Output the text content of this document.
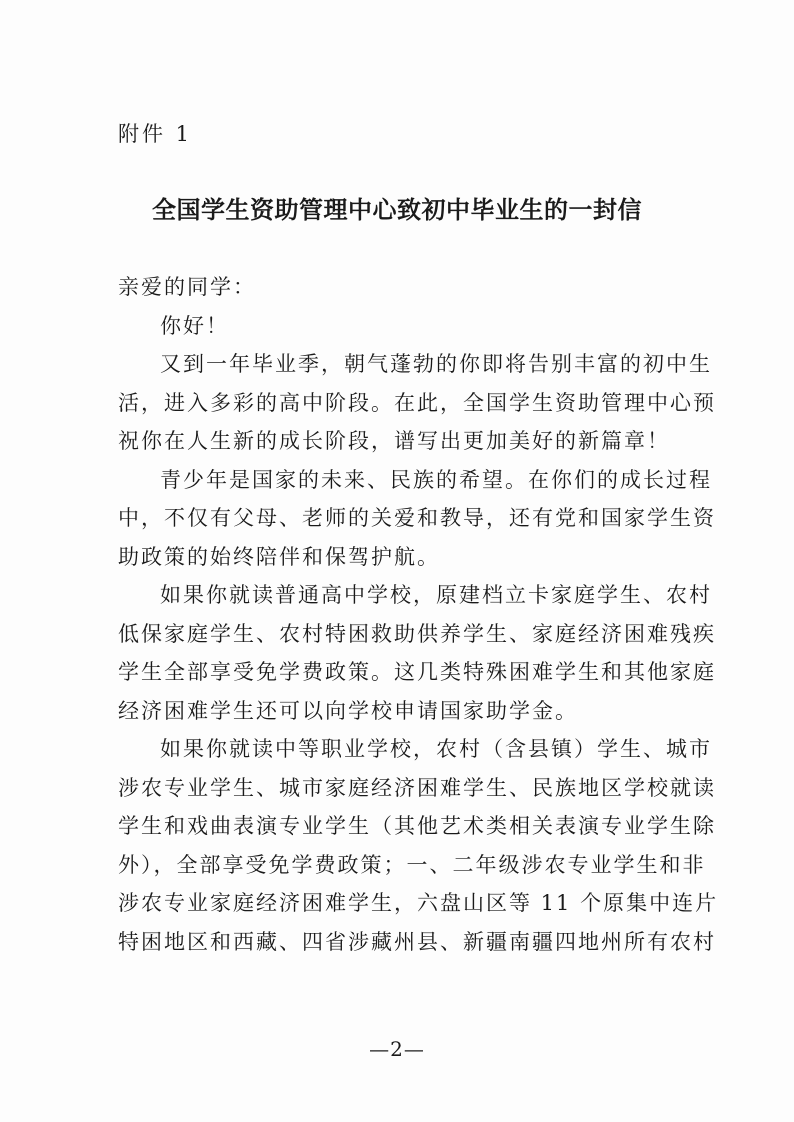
附件 1
全国学生资助管理中心致初中毕业生的一封信
亲爱的同学：
你好！
又到一年毕业季，朝气蓬勃的你即将告别丰富的初中生
活，进入多彩的高中阶段。在此，全国学生资助管理中心预
祝你在人生新的成长阶段，谱写出更加美好的新篇章！
青少年是国家的未来、民族的希望。在你们的成长过程
中，不仅有父母、老师的关爱和教导，还有党和国家学生资
助政策的始终陪伴和保驾护航。
如果你就读普通高中学校，原建档立卡家庭学生、农村
低保家庭学生、农村特困救助供养学生、家庭经济困难残疾
学生全部享受免学费政策。这几类特殊困难学生和其他家庭
经济困难学生还可以向学校申请国家助学金。
如果你就读中等职业学校，农村（含县镇）学生、城市
涉农专业学生、城市家庭经济困难学生、民族地区学校就读
学生和戏曲表演专业学生（其他艺术类相关表演专业学生除
外），全部享受免学费政策；一、二年级涉农专业学生和非
涉农专业家庭经济困难学生，六盘山区等 11 个原集中连片
特困地区和西藏、四省涉藏州县、新疆南疆四地州所有农村
—2—
